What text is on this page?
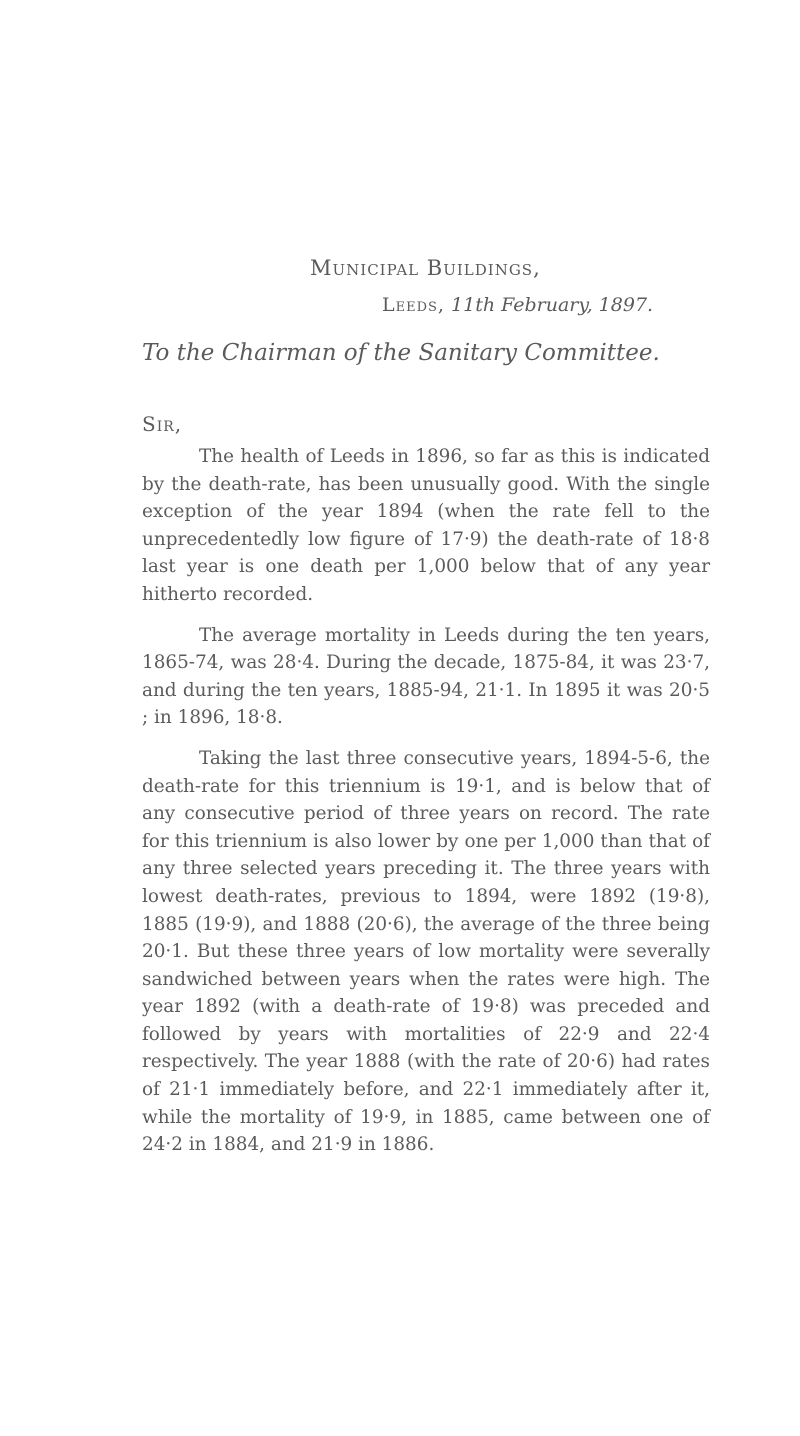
Municipal Buildings,
Leeds, 11th February, 1897.
To the Chairman of the Sanitary Committee.
Sir,

The health of Leeds in 1896, so far as this is indicated by the death-rate, has been unusually good. With the single exception of the year 1894 (when the rate fell to the unprecedentedly low figure of 17·9) the death-rate of 18·8 last year is one death per 1,000 below that of any year hitherto recorded.

The average mortality in Leeds during the ten years, 1865-74, was 28·4. During the decade, 1875-84, it was 23·7, and during the ten years, 1885-94, 21·1. In 1895 it was 20·5 ; in 1896, 18·8.

Taking the last three consecutive years, 1894-5-6, the death-rate for this triennium is 19·1, and is below that of any consecutive period of three years on record. The rate for this triennium is also lower by one per 1,000 than that of any three selected years preceding it. The three years with lowest death-rates, previous to 1894, were 1892 (19·8), 1885 (19·9), and 1888 (20·6), the average of the three being 20·1. But these three years of low mortality were severally sandwiched between years when the rates were high. The year 1892 (with a death-rate of 19·8) was preceded and followed by years with mortalities of 22·9 and 22·4 respectively. The year 1888 (with the rate of 20·6) had rates of 21·1 immediately before, and 22·1 immediately after it, while the mortality of 19·9, in 1885, came between one of 24·2 in 1884, and 21·9 in 1886.
